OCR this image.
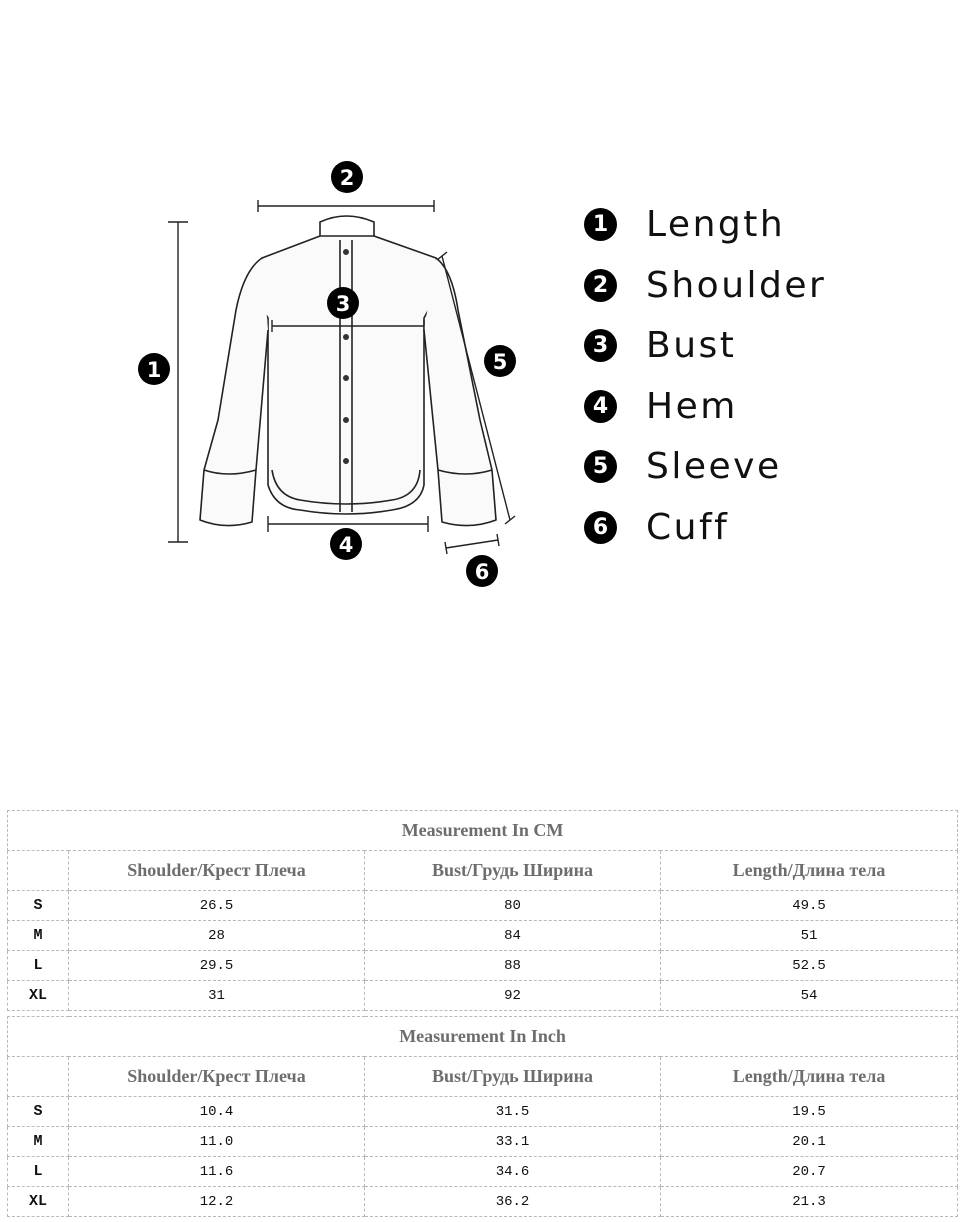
1
2
3
4
5
6
1 Length
2 Shoulder
3 Bust
4 Hem
5 Sleeve
6 Cuff
Measurement In CM			
	Shoulder/Крест Плеча	Bust/Грудь Ширина	Length/Длина тела
S	26.5	80	49.5
M	28	84	51
L	29.5	88	52.5
XL	31	92	54
Measurement In Inch			
	Shoulder/Крест Плеча	Bust/Грудь Ширина	Length/Длина тела
S	10.4	31.5	19.5
M	11.0	33.1	20.1
L	11.6	34.6	20.7
XL	12.2	36.2	21.3
